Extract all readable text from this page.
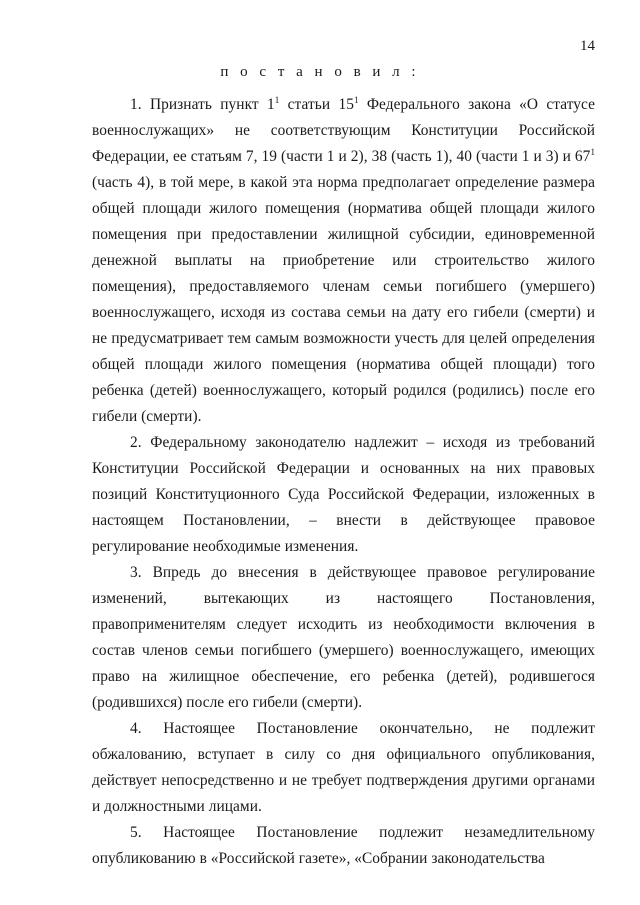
14
п о с т а н о в и л :

1. Признать пункт $1^1$ статьи $15^1$ Федерального закона «О статусе военнослужащих» не соответствующим Конституции Российской Федерации, ее статьям 7, 19 (части 1 и 2), 38 (часть 1), 40 (части 1 и 3) и $67^1$ (часть 4), в той мере, в какой эта норма предполагает определение размера общей площади жилого помещения (норматива общей площади жилого помещения при предоставлении жилищной субсидии, единовременной денежной выплаты на приобретение или строительство жилого помещения), предоставляемого членам семьи погибшего (умершего) военнослужащего, исходя из состава семьи на дату его гибели (смерти) и не предусматривает тем самым возможности учесть для целей определения общей площади жилого помещения (норматива общей площади) того ребенка (детей) военнослужащего, который родился (родились) после его гибели (смерти).

2. Федеральному законодателю надлежит – исходя из требований Конституции Российской Федерации и основанных на них правовых позиций Конституционного Суда Российской Федерации, изложенных в настоящем Постановлении, – внести в действующее правовое регулирование необходимые изменения.

3. Впредь до внесения в действующее правовое регулирование изменений, вытекающих из настоящего Постановления, правоприменителям следует исходить из необходимости включения в состав членов семьи погибшего (умершего) военнослужащего, имеющих право на жилищное обеспечение, его ребенка (детей), родившегося (родившихся) после его гибели (смерти).

4. Настоящее Постановление окончательно, не подлежит обжалованию, вступает в силу со дня официального опубликования, действует непосредственно и не требует подтверждения другими органами и должностными лицами.

5. Настоящее Постановление подлежит незамедлительному опубликованию в «Российской газете», «Собрании законодательства
